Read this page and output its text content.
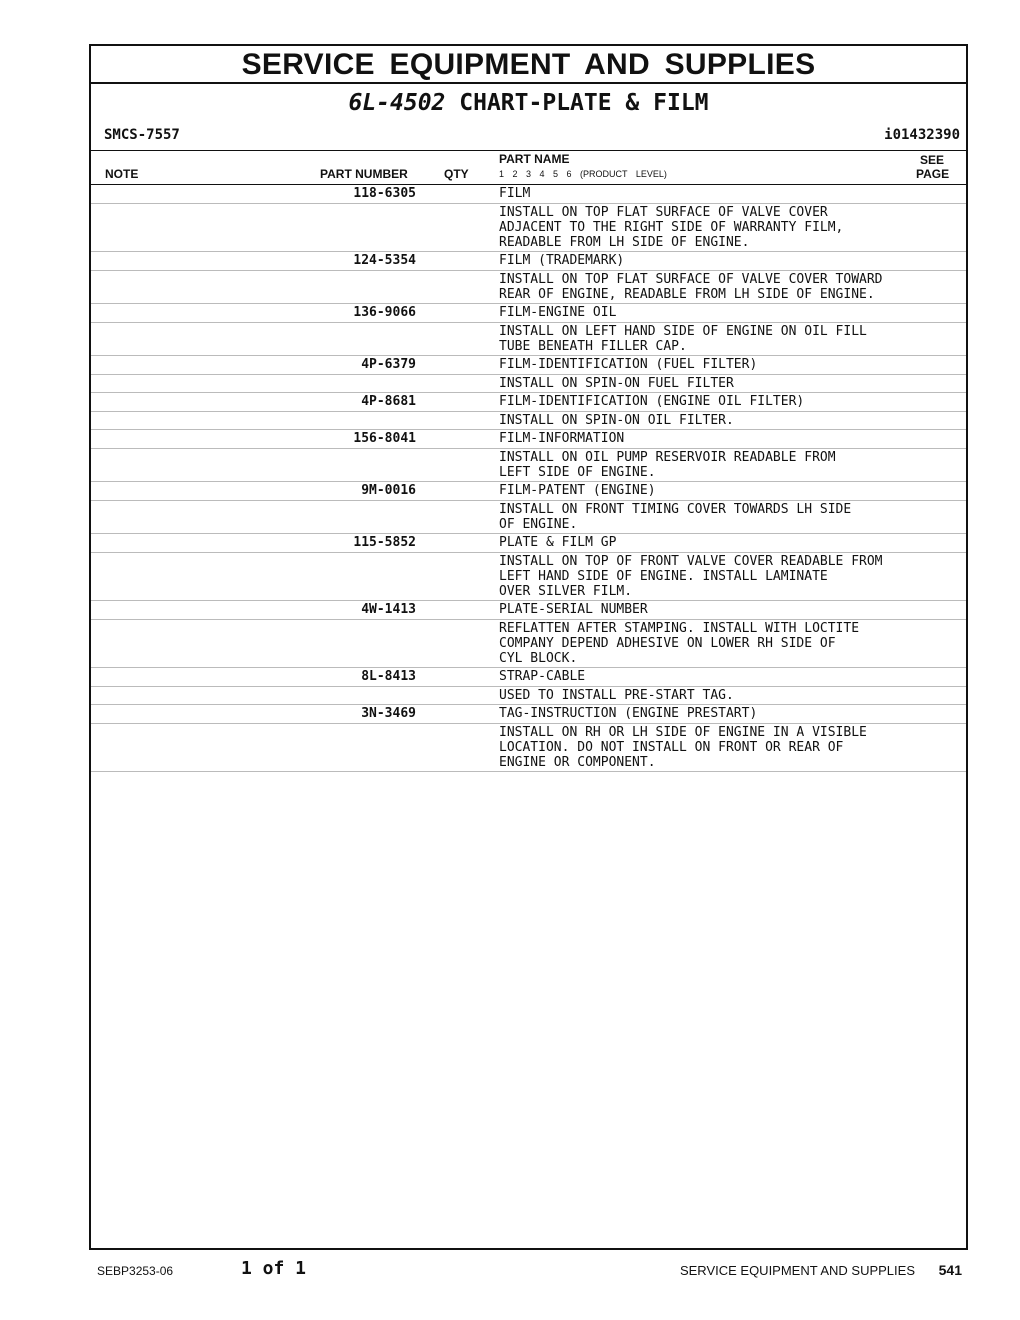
SERVICE EQUIPMENT AND SUPPLIES
6L-4502 CHART-PLATE & FILM
SMCS-7557	i01432390
NOTE	PART NUMBER	QTY
PART NAME
1 2 3 4 5 6 (PRODUCT LEVEL)
SEE
PAGE
118-6305	FILM
INSTALL ON TOP FLAT SURFACE OF VALVE COVER
ADJACENT TO THE RIGHT SIDE OF WARRANTY FILM,
READABLE FROM LH SIDE OF ENGINE.
124-5354	FILM (TRADEMARK)
INSTALL ON TOP FLAT SURFACE OF VALVE COVER TOWARD
REAR OF ENGINE, READABLE FROM LH SIDE OF ENGINE.
136-9066	FILM-ENGINE OIL
INSTALL ON LEFT HAND SIDE OF ENGINE ON OIL FILL
TUBE BENEATH FILLER CAP.
4P-6379	FILM-IDENTIFICATION (FUEL FILTER)
INSTALL ON SPIN-ON FUEL FILTER
4P-8681	FILM-IDENTIFICATION (ENGINE OIL FILTER)
INSTALL ON SPIN-ON OIL FILTER.
156-8041	FILM-INFORMATION
INSTALL ON OIL PUMP RESERVOIR READABLE FROM
LEFT SIDE OF ENGINE.
9M-0016	FILM-PATENT (ENGINE)
INSTALL ON FRONT TIMING COVER TOWARDS LH SIDE
OF ENGINE.
115-5852	PLATE & FILM GP
INSTALL ON TOP OF FRONT VALVE COVER READABLE FROM
LEFT HAND SIDE OF ENGINE. INSTALL LAMINATE
OVER SILVER FILM.
4W-1413	PLATE-SERIAL NUMBER
REFLATTEN AFTER STAMPING. INSTALL WITH LOCTITE
COMPANY DEPEND ADHESIVE ON LOWER RH SIDE OF
CYL BLOCK.
8L-8413	STRAP-CABLE
USED TO INSTALL PRE-START TAG.
3N-3469	TAG-INSTRUCTION (ENGINE PRESTART)
INSTALL ON RH OR LH SIDE OF ENGINE IN A VISIBLE
LOCATION. DO NOT INSTALL ON FRONT OR REAR OF
ENGINE OR COMPONENT.
SEBP3253-06	1 of 1	SERVICE EQUIPMENT AND SUPPLIES 541
